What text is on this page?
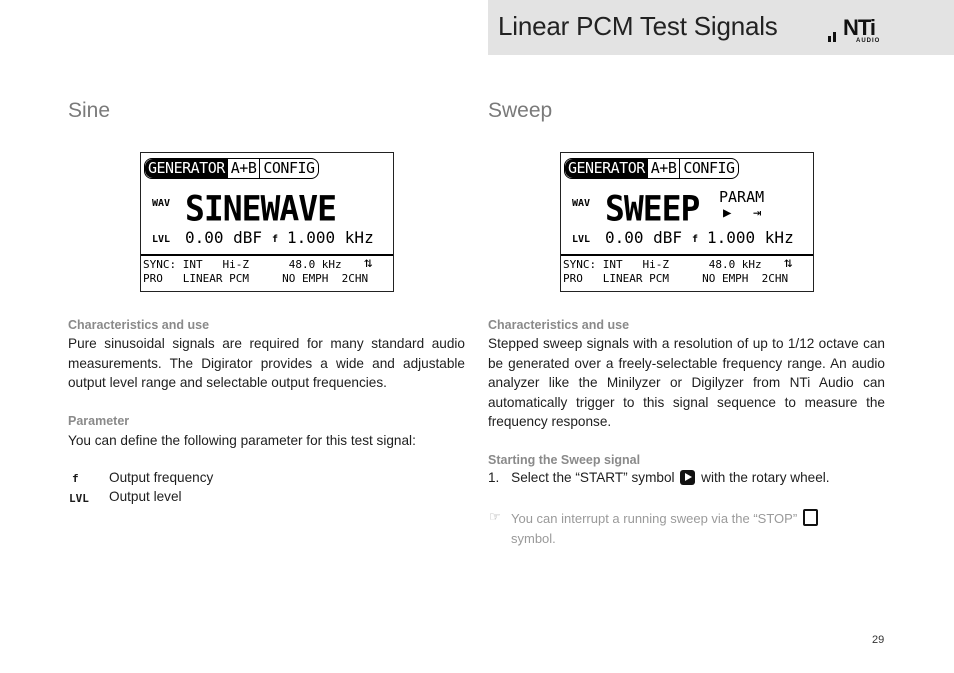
Linear PCM Test Signals	NTi
AUDIO
Sine
GENERATOR A+B CONFIG
WAV SINEWAVE
LVL 0.00 dBF f 1.000 kHz
SYNC: INT   Hi-Z      48.0 kHz
PRO   LINEAR PCM     NO EMPH  2CHN
⇅
Characteristics and use
Pure sinusoidal signals are required for many standard audio measurements. The Digirator provides a wide and adjustable output level range and selectable output frequencies.
Parameter
You can define the following parameter for this test signal:
f Output frequency
LVL Output level
Sweep
GENERATOR A+B CONFIG
WAV SWEEP PARAM
▶ ⇥
LVL 0.00 dBF f 1.000 kHz
SYNC: INT   Hi-Z      48.0 kHz
PRO   LINEAR PCM     NO EMPH  2CHN
⇅
Characteristics and use
Stepped sweep signals with a resolution of up to 1/12 octave can be generated over a freely-selectable frequency range. An audio analyzer like the Minilyzer or Digilyzer from NTi Audio can automatically trigger to this signal sequence to measure the frequency response.
Starting the Sweep signal
1. Select the “START” symbol with the rotary wheel.
☞ You can interrupt a running sweep via the “STOP”
symbol.
29
